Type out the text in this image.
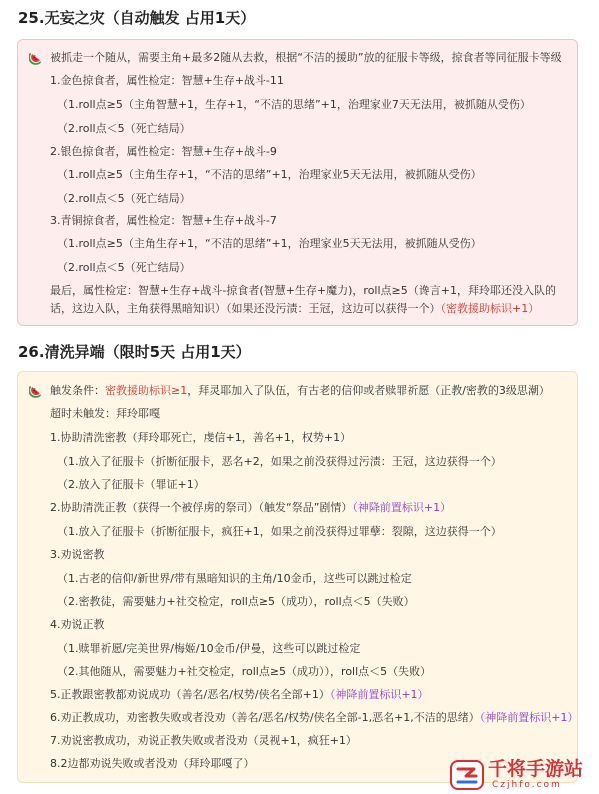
25.无妄之灾（自动触发 占用1天）
被抓走一个随从，需要主角+最多2随从去救，根据“不洁的援助”放的征服卡等级，掠食者等同征服卡等级
1.金色掠食者，属性检定：智慧+生存+战斗-11
（1.roll点≥5（主角智慧+1，生存+1，“不洁的思绪”+1，治理家业7天无法用，被抓随从受伤）
（2.roll点＜5（死亡结局）
2.银色掠食者，属性检定：智慧+生存+战斗-9
（1.roll点≥5（主角生存+1，“不洁的思绪”+1，治理家业5天无法用，被抓随从受伤）
（2.roll点＜5（死亡结局）
3.青铜掠食者，属性检定：智慧+生存+战斗-7
（1.roll点≥5（主角生存+1，“不洁的思绪”+1，治理家业5天无法用，被抓随从受伤）
（2.roll点＜5（死亡结局）
最后，属性检定：智慧+生存+战斗-掠食者(智慧+生存+魔力)，roll点≥5（谗言+1，拜玲耶还没入队的
话，这边入队，主角获得黑暗知识）（如果还没污渍：王冠，这边可以获得一个）（密教援助标识+1）
26.清洗异端（限时5天 占用1天）
触发条件：密教援助标识≥1，拜灵耶加入了队伍，有古老的信仰或者赎罪祈愿（正教/密教的3级思潮）
超时未触发：拜玲耶嘎
1.协助清洗密教（拜玲耶死亡，虔信+1，善名+1，权势+1）
（1.放入了征服卡（折断征服卡，恶名+2，如果之前没获得过污渍：王冠，这边获得一个）
（2.放入了征服卡（罪证+1）
2.协助清洗正教（获得一个被俘虏的祭司）（触发“祭品”剧情）（神降前置标识+1）
（1.放入了征服卡（折断征服卡，疯狂+1，如果之前没获得过罪孽：裂隙，这边获得一个）
3.劝说密教
（1.古老的信仰/新世界/带有黑暗知识的主角/10金币，这些可以跳过检定
（2.密教徒，需要魅力+社交检定，roll点≥5（成功），roll点＜5（失败）
4.劝说正教
（1.赎罪祈愿/完美世界/梅姬/10金币/伊曼，这些可以跳过检定
（2.其他随从，需要魅力+社交检定，roll点≥5（成功）），roll点＜5（失败）
5.正教跟密教都劝说成功（善名/恶名/权势/侠名全部+1）（神降前置标识+1）
6.劝正教成功，劝密教失败或者没劝（善名/恶名/权势/侠名全部-1,恶名+1,不洁的思绪）（神降前置标识+1）
7.劝说密教成功，劝说正教失败或者没劝（灵视+1，疯狂+1）
8.2边都劝说失败或者没劝（拜玲耶嘎了）	千将手游站
Czjhfo.com
